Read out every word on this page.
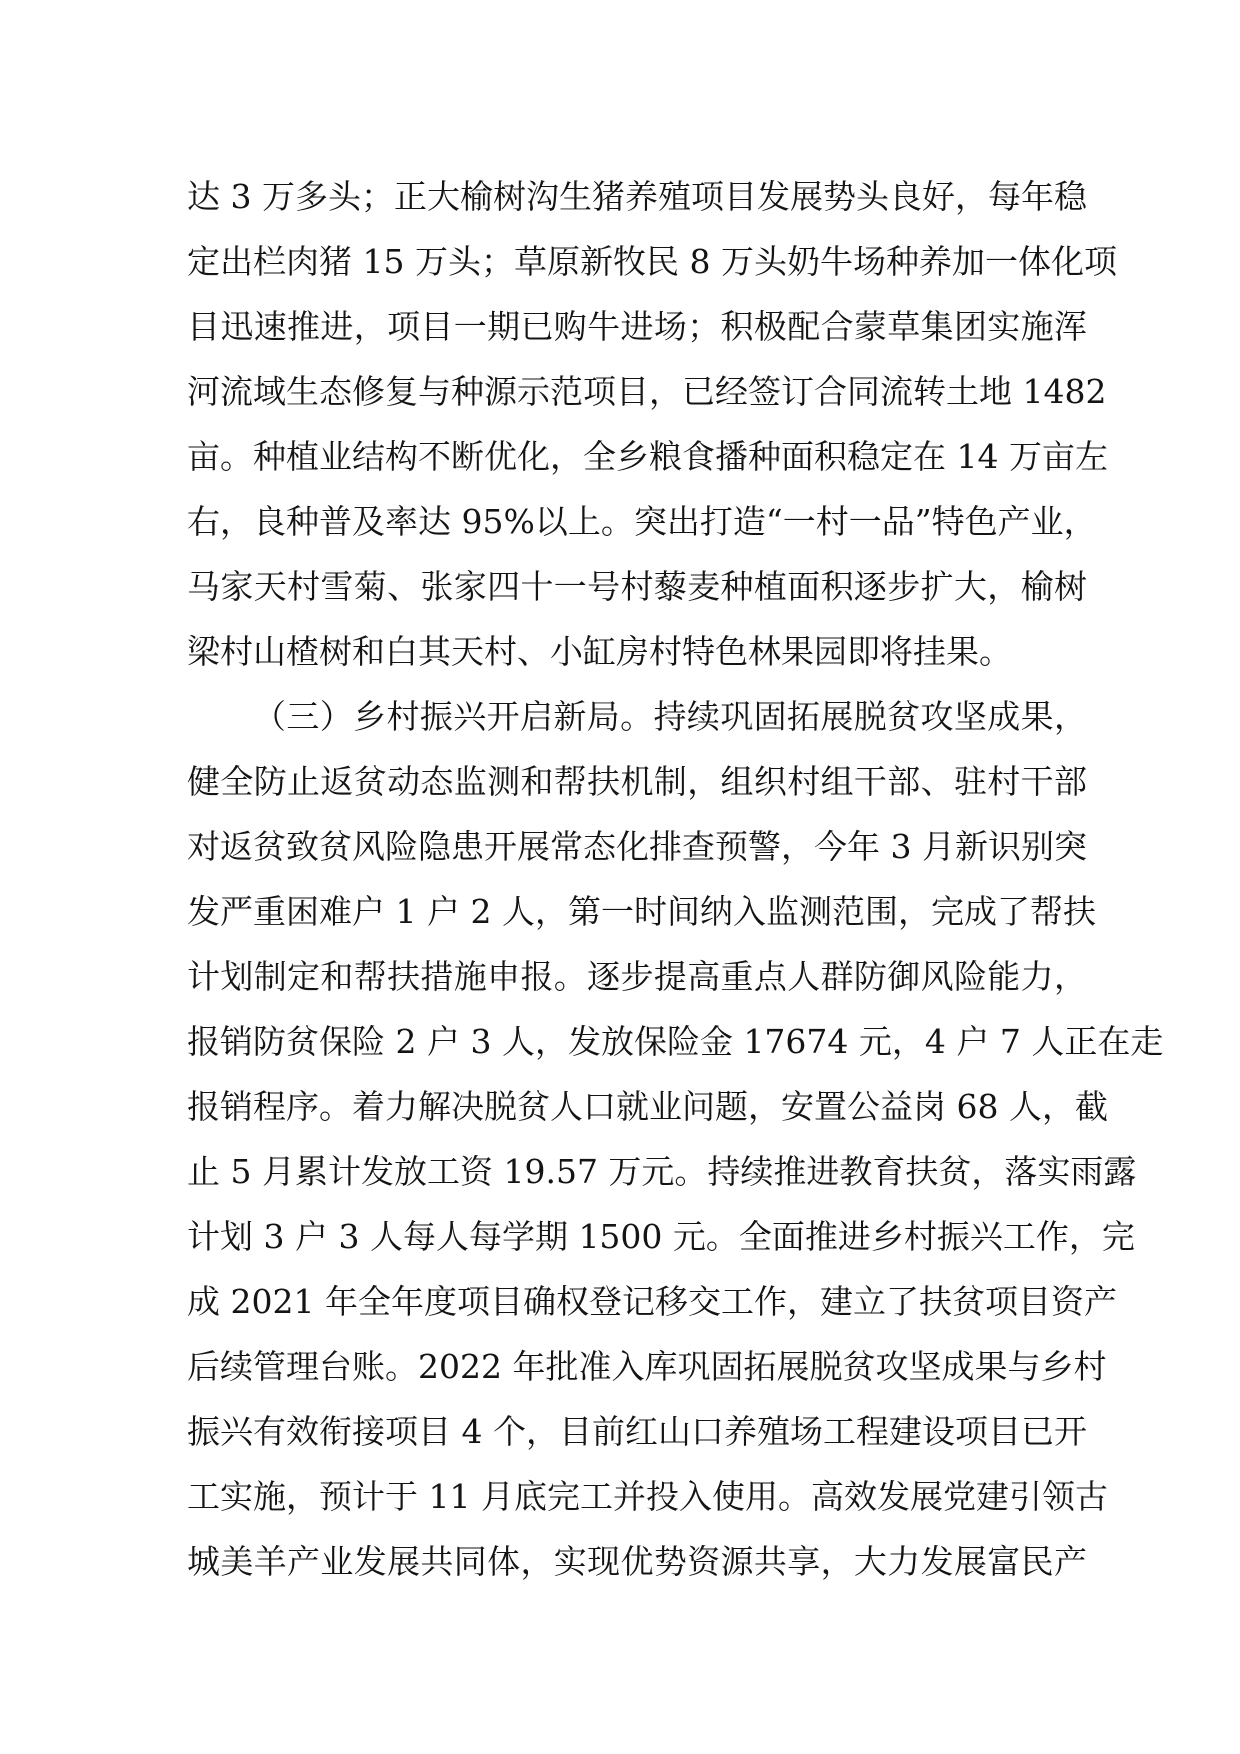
达 3 万多头；正大榆树沟生猪养殖项目发展势头良好，每年稳
定出栏肉猪 15 万头；草原新牧民 8 万头奶牛场种养加一体化项
目迅速推进，项目一期已购牛进场；积极配合蒙草集团实施浑
河流域生态修复与种源示范项目，已经签订合同流转土地 1482
亩。种植业结构不断优化，全乡粮食播种面积稳定在 14 万亩左
右，良种普及率达 95%以上。突出打造“一村一品”特色产业，
马家天村雪菊、张家四十一号村藜麦种植面积逐步扩大，榆树
梁村山楂树和白其天村、小缸房村特色林果园即将挂果。
（三）乡村振兴开启新局。持续巩固拓展脱贫攻坚成果，
健全防止返贫动态监测和帮扶机制，组织村组干部、驻村干部
对返贫致贫风险隐患开展常态化排查预警，今年 3 月新识别突
发严重困难户 1 户 2 人，第一时间纳入监测范围，完成了帮扶
计划制定和帮扶措施申报。逐步提高重点人群防御风险能力，
报销防贫保险 2 户 3 人，发放保险金 17674 元，4 户 7 人正在走
报销程序。着力解决脱贫人口就业问题，安置公益岗 68 人，截
止 5 月累计发放工资 19.57 万元。持续推进教育扶贫，落实雨露
计划 3 户 3 人每人每学期 1500 元。全面推进乡村振兴工作，完
成 2021 年全年度项目确权登记移交工作，建立了扶贫项目资产
后续管理台账。2022 年批准入库巩固拓展脱贫攻坚成果与乡村
振兴有效衔接项目 4 个，目前红山口养殖场工程建设项目已开
工实施，预计于 11 月底完工并投入使用。高效发展党建引领古
城美羊产业发展共同体，实现优势资源共享，大力发展富民产
